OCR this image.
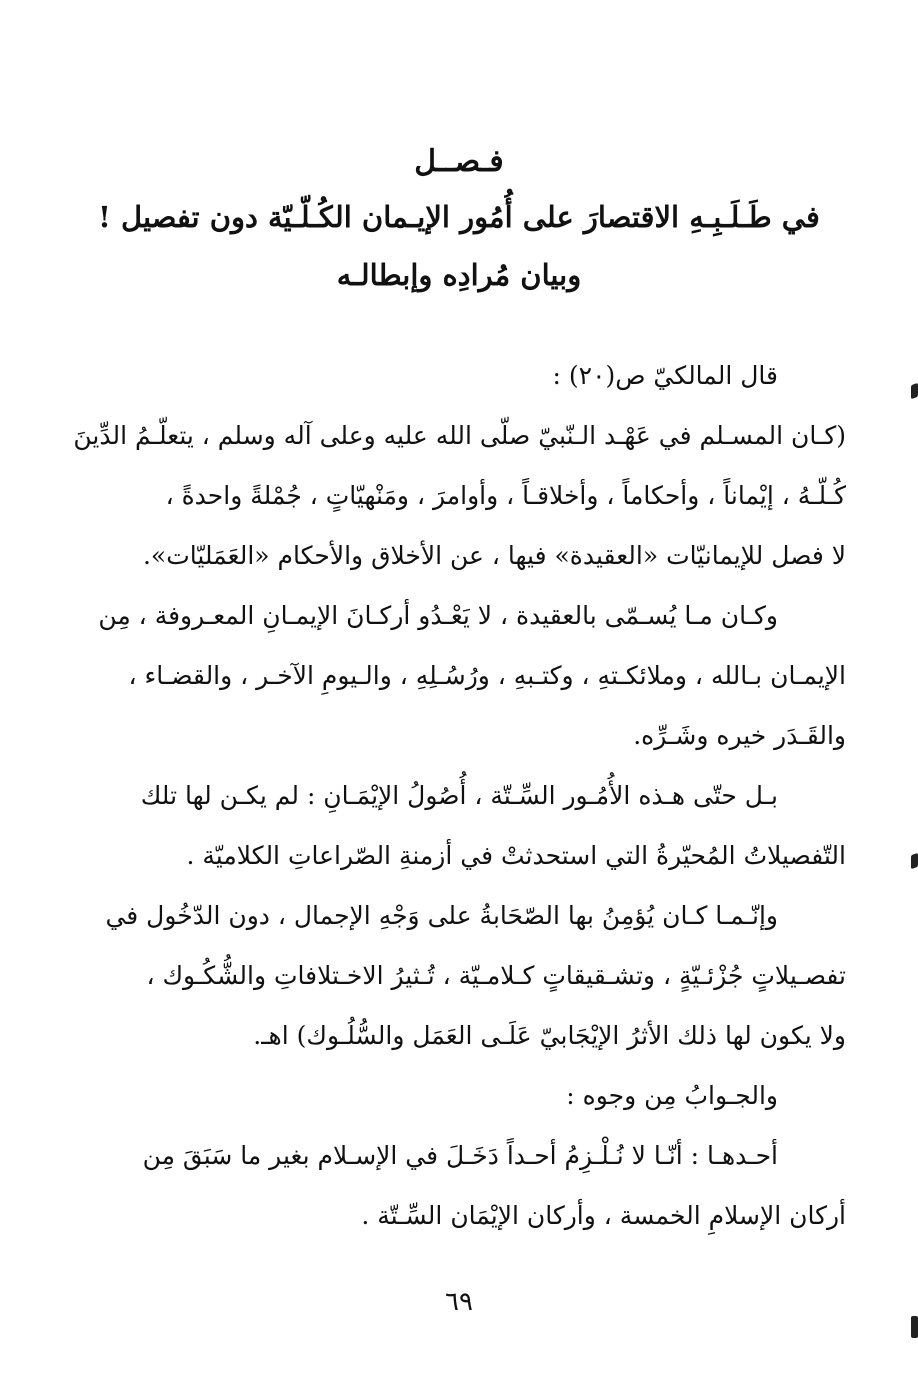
فـصــل
في طَـلَـبِـهِ الاقتصارَ على أُمُور الإيـمان الكُـلّـيّة دون تفصيل !
وبيان مُرادِه وإبطالـه
قال المالكيّ ص(٢٠) :
(كـان المسـلم في عَهْـد الـنّبيّ صلّى الله عليه وعلى آله وسلم ، يتعلّـمُ الدِّينَ
كُـلّـهُ ، إيْماناً ، وأحكاماً ، وأخلاقـاً ، وأوامرَ ، ومَنْهيّاتٍ ، جُمْلةً واحدةً ،
لا فصل للإيمانيّات «العقيدة» فيها ، عن الأخلاق والأحكام «العَمَليّات».
وكـان مـا يُسـمّى بالعقيدة ، لا يَعْـدُو أركـانَ الإيمـانِ المعـروفة ، مِن
الإيمـان بـالله ، وملائكـتهِ ، وكتـبهِ ، ورُسُـلِهِ ، والـيومِ الآخـر ، والقضـاء ،
والقَـدَر خيره وشَـرِّه.
بـل حتّى هـذه الأُمُـور السِّـتّة ، أُصُولُ الإيْمَـانِ : لم يكـن لها تلك
التّفصيلاتُ المُحيّرةُ التي استحدثتْ في أزمنةِ الصّراعاتِ الكلاميّة .
وإنّـمـا كـان يُؤمِنُ بها الصّحَابةُ على وَجْهِ الإجمال ، دون الدّخُول في
تفصـيلاتٍ جُزْئـيّةٍ ، وتشـقيقاتٍ كـلامـيّة ، تُـثيرُ الاخـتلافاتِ والشُّكُـوك ،
ولا يكون لها ذلك الأثرُ الإيْجَابيّ عَلَـى العَمَل والسُّلُـوك) اهـ.
والجـوابُ مِن وجوه :
أحـدهـا : أنّـا لا نُـلْـزِمُ أحـداً دَخَـلَ في الإسـلام بغير ما سَبَقَ مِن
أركان الإسلامِ الخمسة ، وأركان الإيْمَان السِّـتّة .
٦٩
